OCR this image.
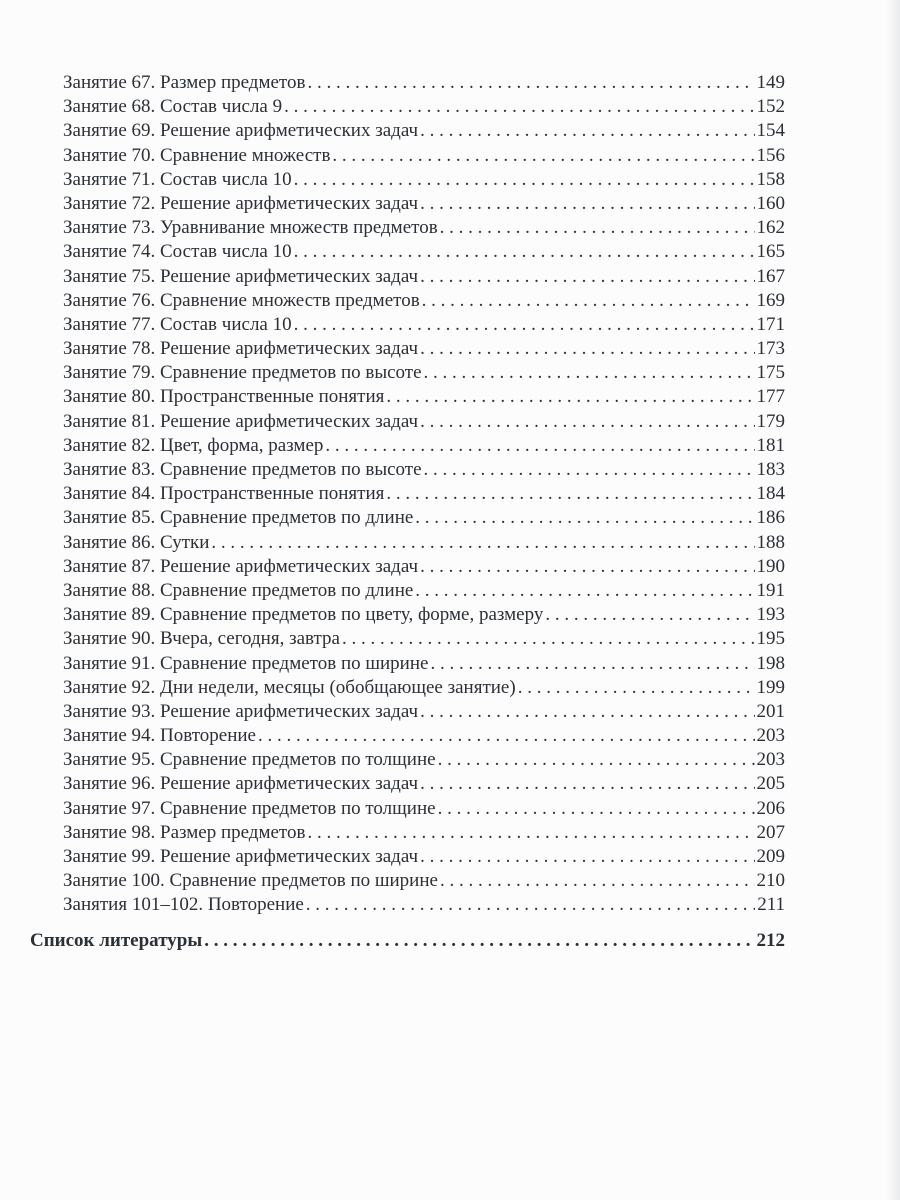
Занятие 67. Размер предметов . . .	149
Занятие 68. Состав числа 9 . . .	152
Занятие 69. Решение арифметических задач . . .	154
Занятие 70. Сравнение множеств . . .	156
Занятие 71. Состав числа 10 . . .	158
Занятие 72. Решение арифметических задач . . .	160
Занятие 73. Уравнивание множеств предметов . . .	162
Занятие 74. Состав числа 10 . . .	165
Занятие 75. Решение арифметических задач . . .	167
Занятие 76. Сравнение множеств предметов . . .	169
Занятие 77. Состав числа 10 . . .	171
Занятие 78. Решение арифметических задач . . .	173
Занятие 79. Сравнение предметов по высоте . . .	175
Занятие 80. Пространственные понятия . . .	177
Занятие 81. Решение арифметических задач . . .	179
Занятие 82. Цвет, форма, размер . . .	181
Занятие 83. Сравнение предметов по высоте . . .	183
Занятие 84. Пространственные понятия . . .	184
Занятие 85. Сравнение предметов по длине . . .	186
Занятие 86. Сутки . . .	188
Занятие 87. Решение арифметических задач . . .	190
Занятие 88. Сравнение предметов по длине . . .	191
Занятие 89. Сравнение предметов по цвету, форме, размеру . . .	193
Занятие 90. Вчера, сегодня, завтра . . .	195
Занятие 91. Сравнение предметов по ширине . . .	198
Занятие 92. Дни недели, месяцы (обобщающее занятие) . . .	199
Занятие 93. Решение арифметических задач . . .	201
Занятие 94. Повторение . . .	203
Занятие 95. Сравнение предметов по толщине . . .	203
Занятие 96. Решение арифметических задач . . .	205
Занятие 97. Сравнение предметов по толщине . . .	206
Занятие 98. Размер предметов . . .	207
Занятие 99. Решение арифметических задач . . .	209
Занятие 100. Сравнение предметов по ширине . . .	210
Занятия 101–102. Повторение . . .	211
Список литературы . . .	212
